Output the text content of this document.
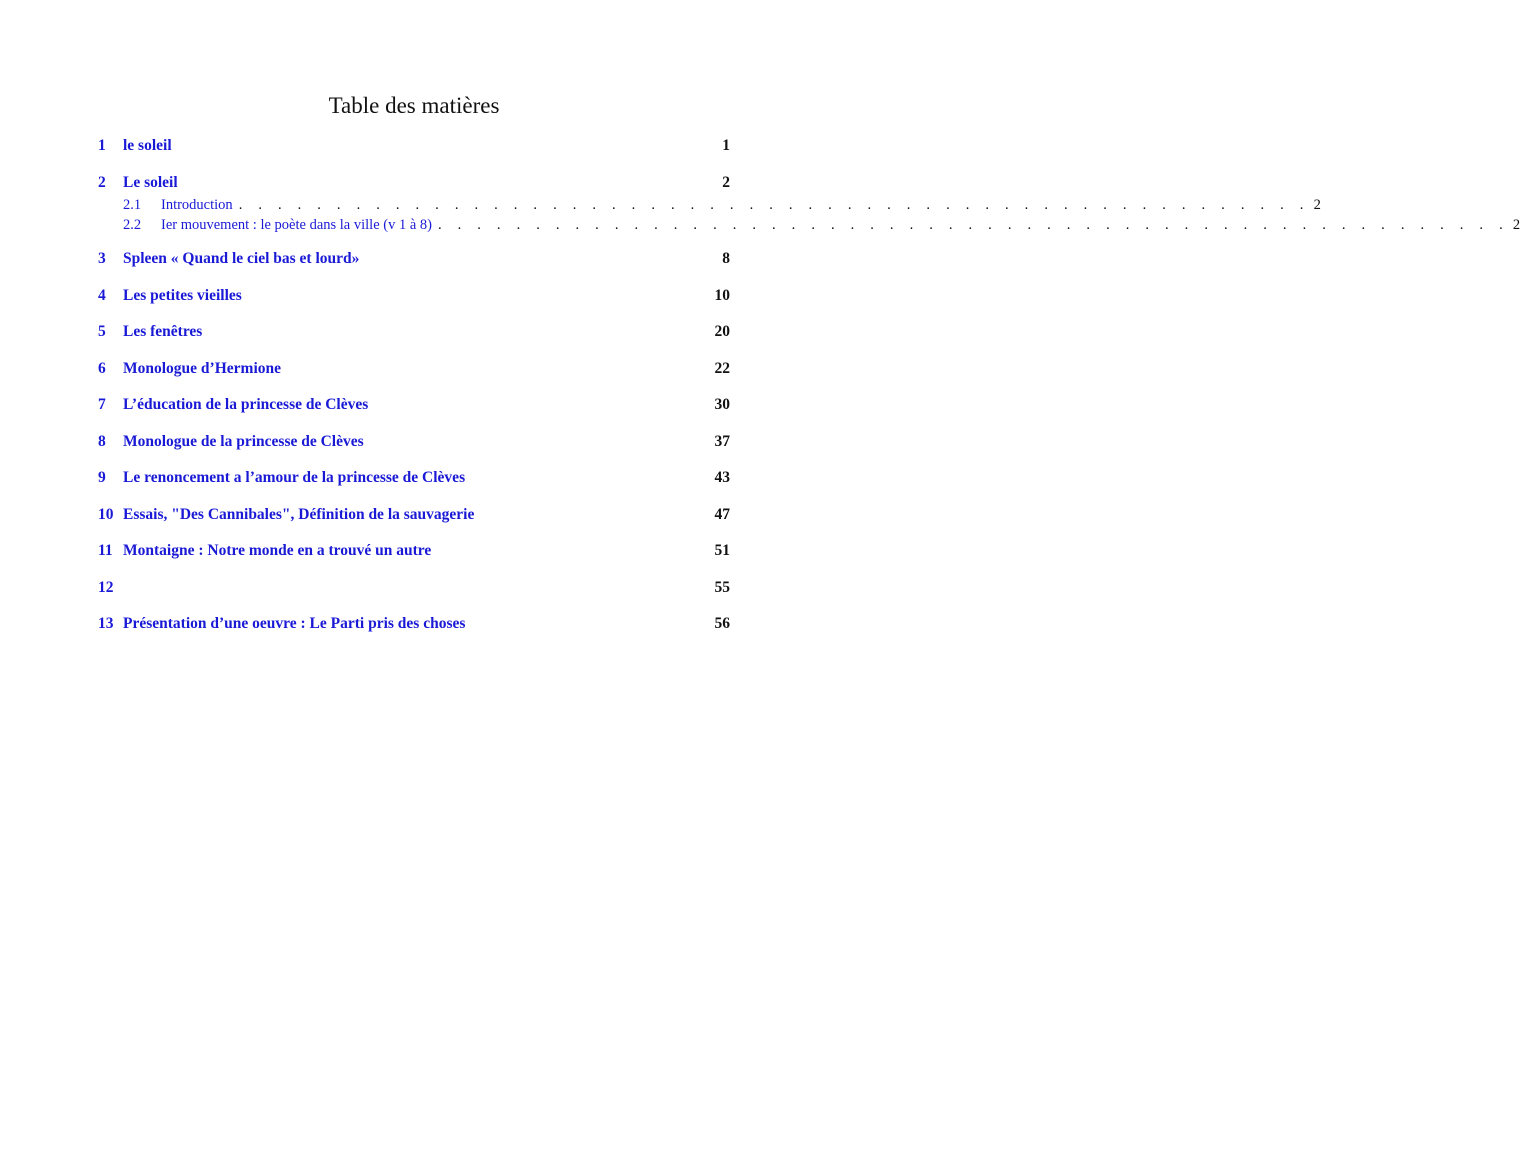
Table des matières
1	le soleil	1
2	Le soleil	2
2.1	Introduction . . . . . . . . . . . . . . . . . . . . . . . . . . . . . . . . . . . . . . . . . . . . . . . . . . . . . . . 2
2.2	Ier mouvement : le poète dans la ville (v 1 à 8) . . . . . . . . . . . . . . . . . . . . . . . . . . . . . . . . . . . . . . . . . . . . . . . . . . . . . . . 2
3	Spleen « Quand le ciel bas et lourd»	8
4	Les petites vieilles	10
5	Les fenêtres	20
6	Monologue d’Hermione	22
7	L’éducation de la princesse de Clèves	30
8	Monologue de la princesse de Clèves	37
9	Le renoncement a l’amour de la princesse de Clèves	43
10 Essais, "Des Cannibales", Définition de la sauvagerie	47
11 Montaigne : Notre monde en a trouvé un autre	51
12	55
13 Présentation d’une oeuvre : Le Parti pris des choses	56
